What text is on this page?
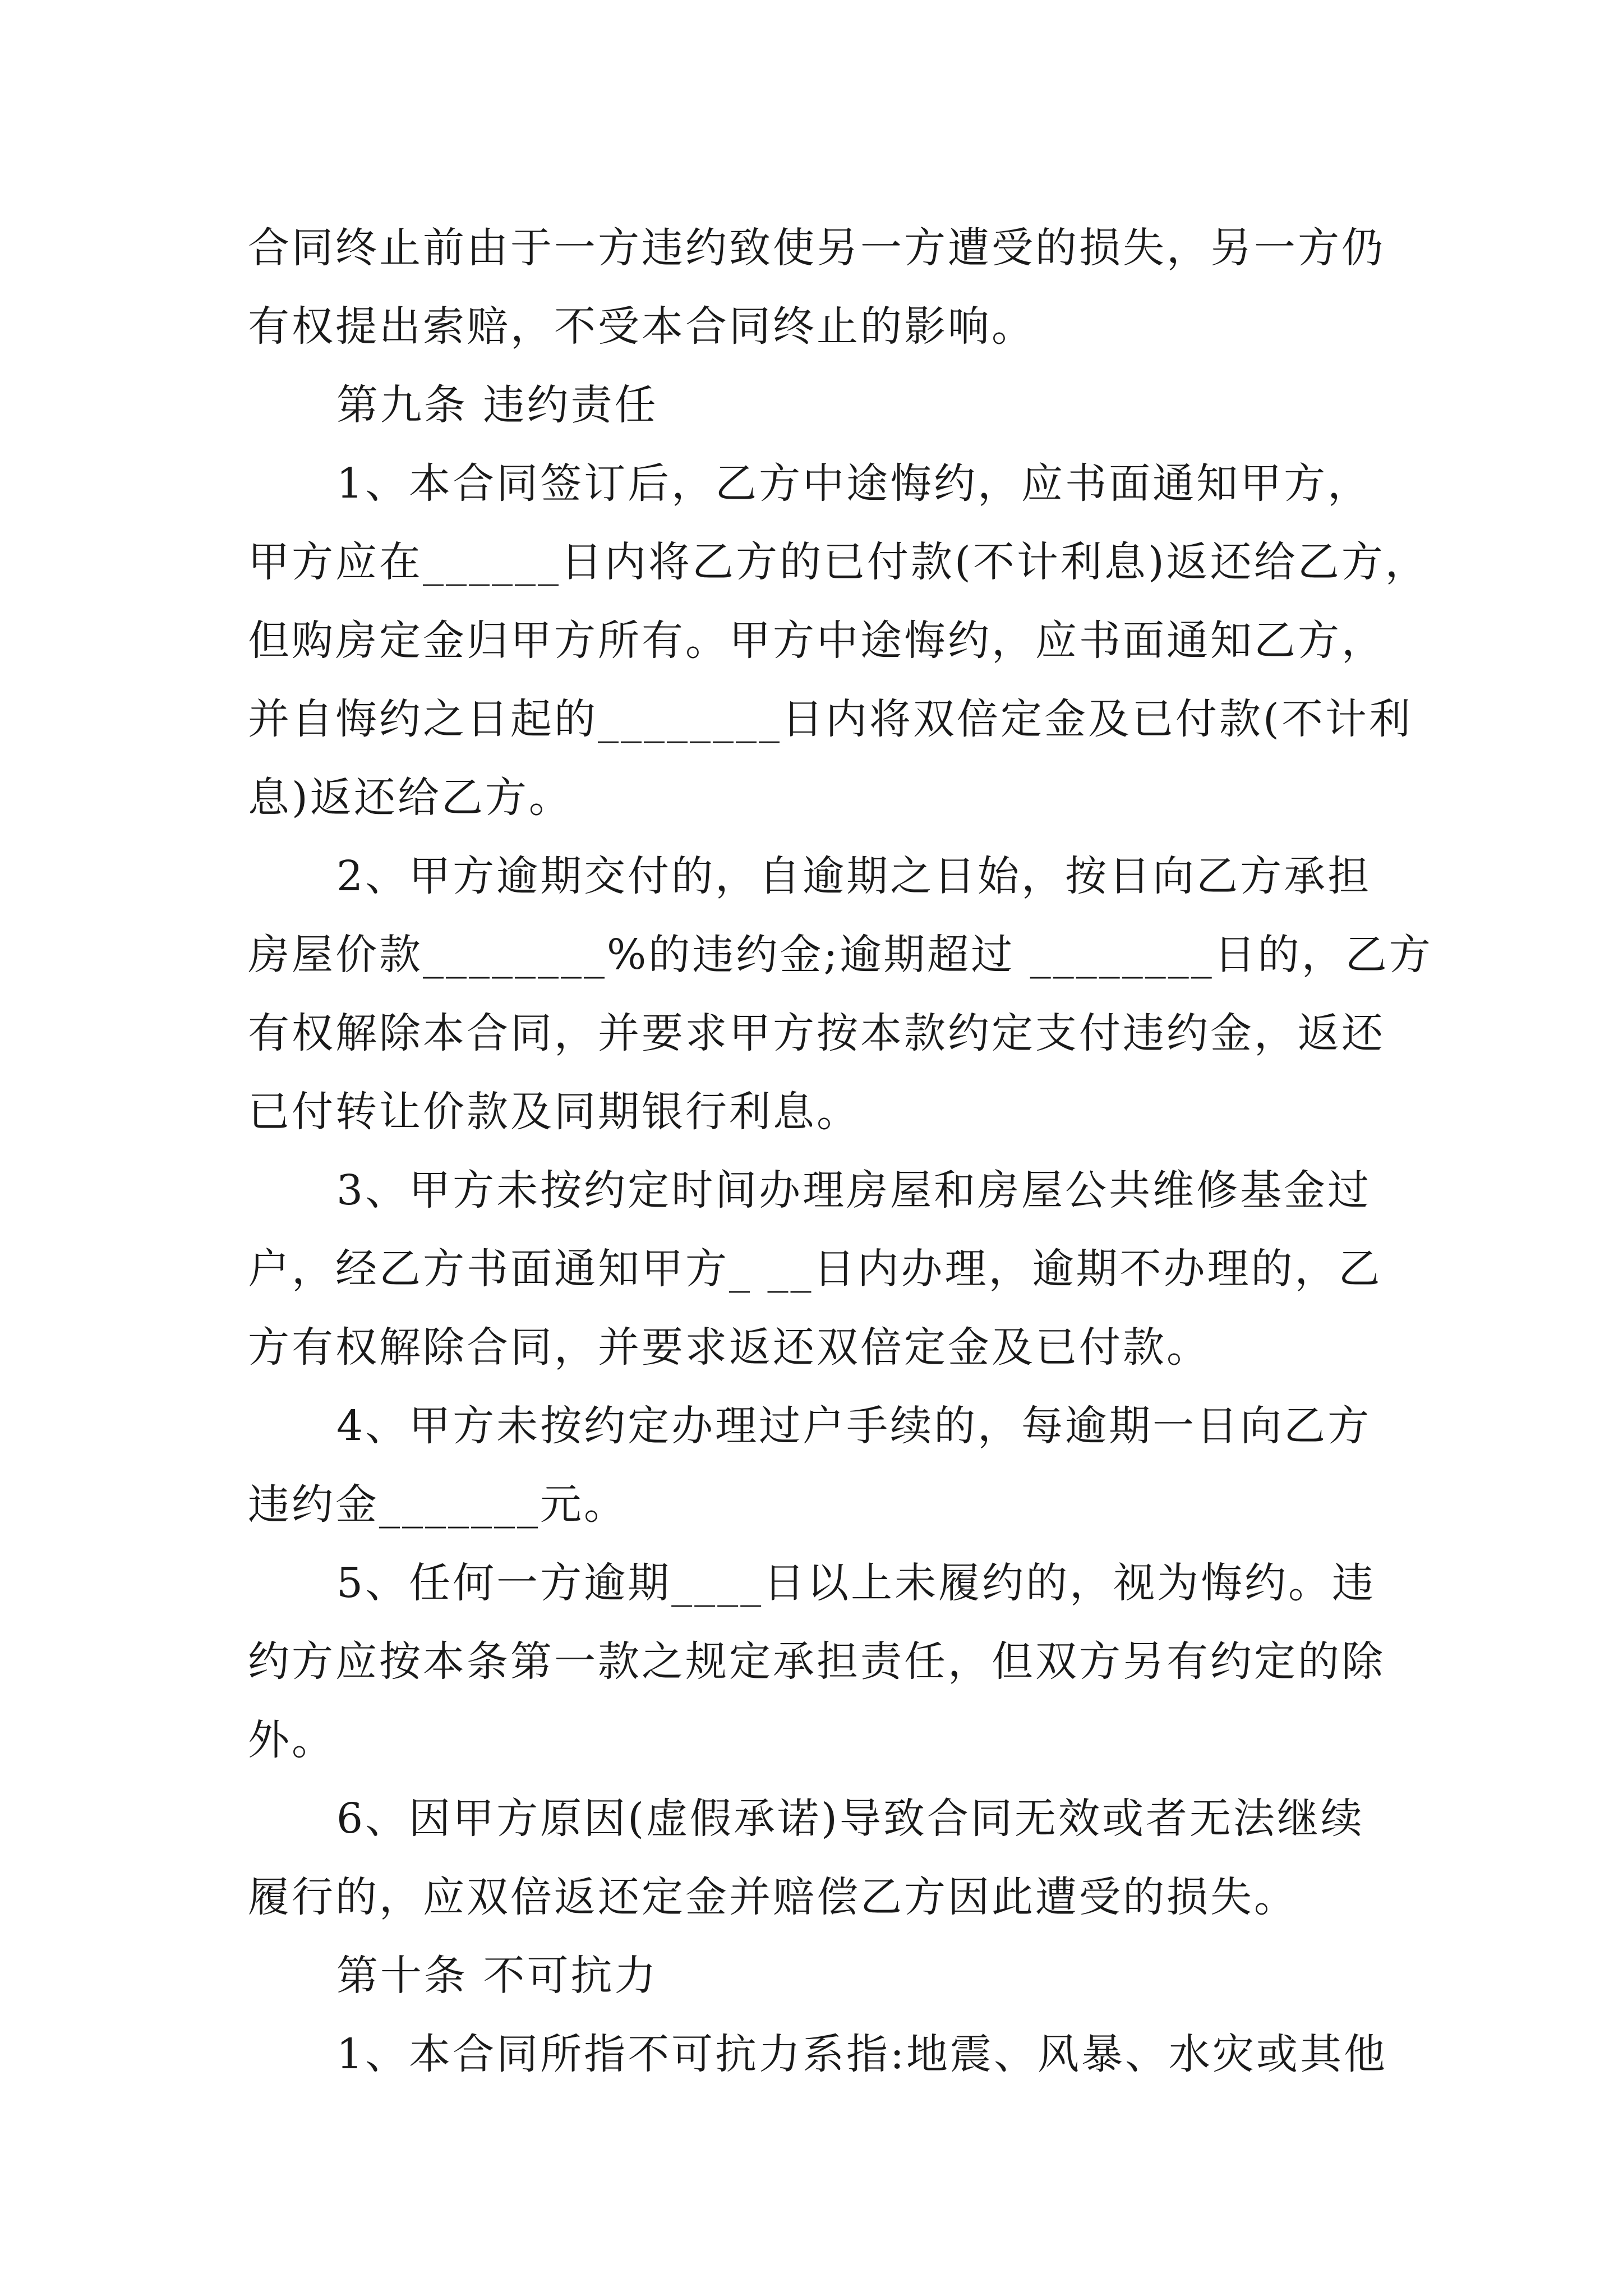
合同终止前由于一方违约致使另一方遭受的损失，另一方仍
有权提出索赔，不受本合同终止的影响。
第九条 违约责任
1、本合同签订后，乙方中途悔约，应书面通知甲方，
甲方应在______日内将乙方的已付款(不计利息)返还给乙方，
但购房定金归甲方所有。甲方中途悔约，应书面通知乙方，
并自悔约之日起的________日内将双倍定金及已付款(不计利
息)返还给乙方。
2、甲方逾期交付的，自逾期之日始，按日向乙方承担
房屋价款________%的违约金;逾期超过 ________日的，乙方
有权解除本合同，并要求甲方按本款约定支付违约金，返还
已付转让价款及同期银行利息。
3、甲方未按约定时间办理房屋和房屋公共维修基金过
户，经乙方书面通知甲方_ __日内办理，逾期不办理的，乙
方有权解除合同，并要求返还双倍定金及已付款。
4、甲方未按约定办理过户手续的，每逾期一日向乙方
违约金_______元。
5、任何一方逾期____日以上未履约的，视为悔约。违
约方应按本条第一款之规定承担责任，但双方另有约定的除
外。
6、因甲方原因(虚假承诺)导致合同无效或者无法继续
履行的，应双倍返还定金并赔偿乙方因此遭受的损失。
第十条 不可抗力
1、本合同所指不可抗力系指:地震、风暴、水灾或其他
